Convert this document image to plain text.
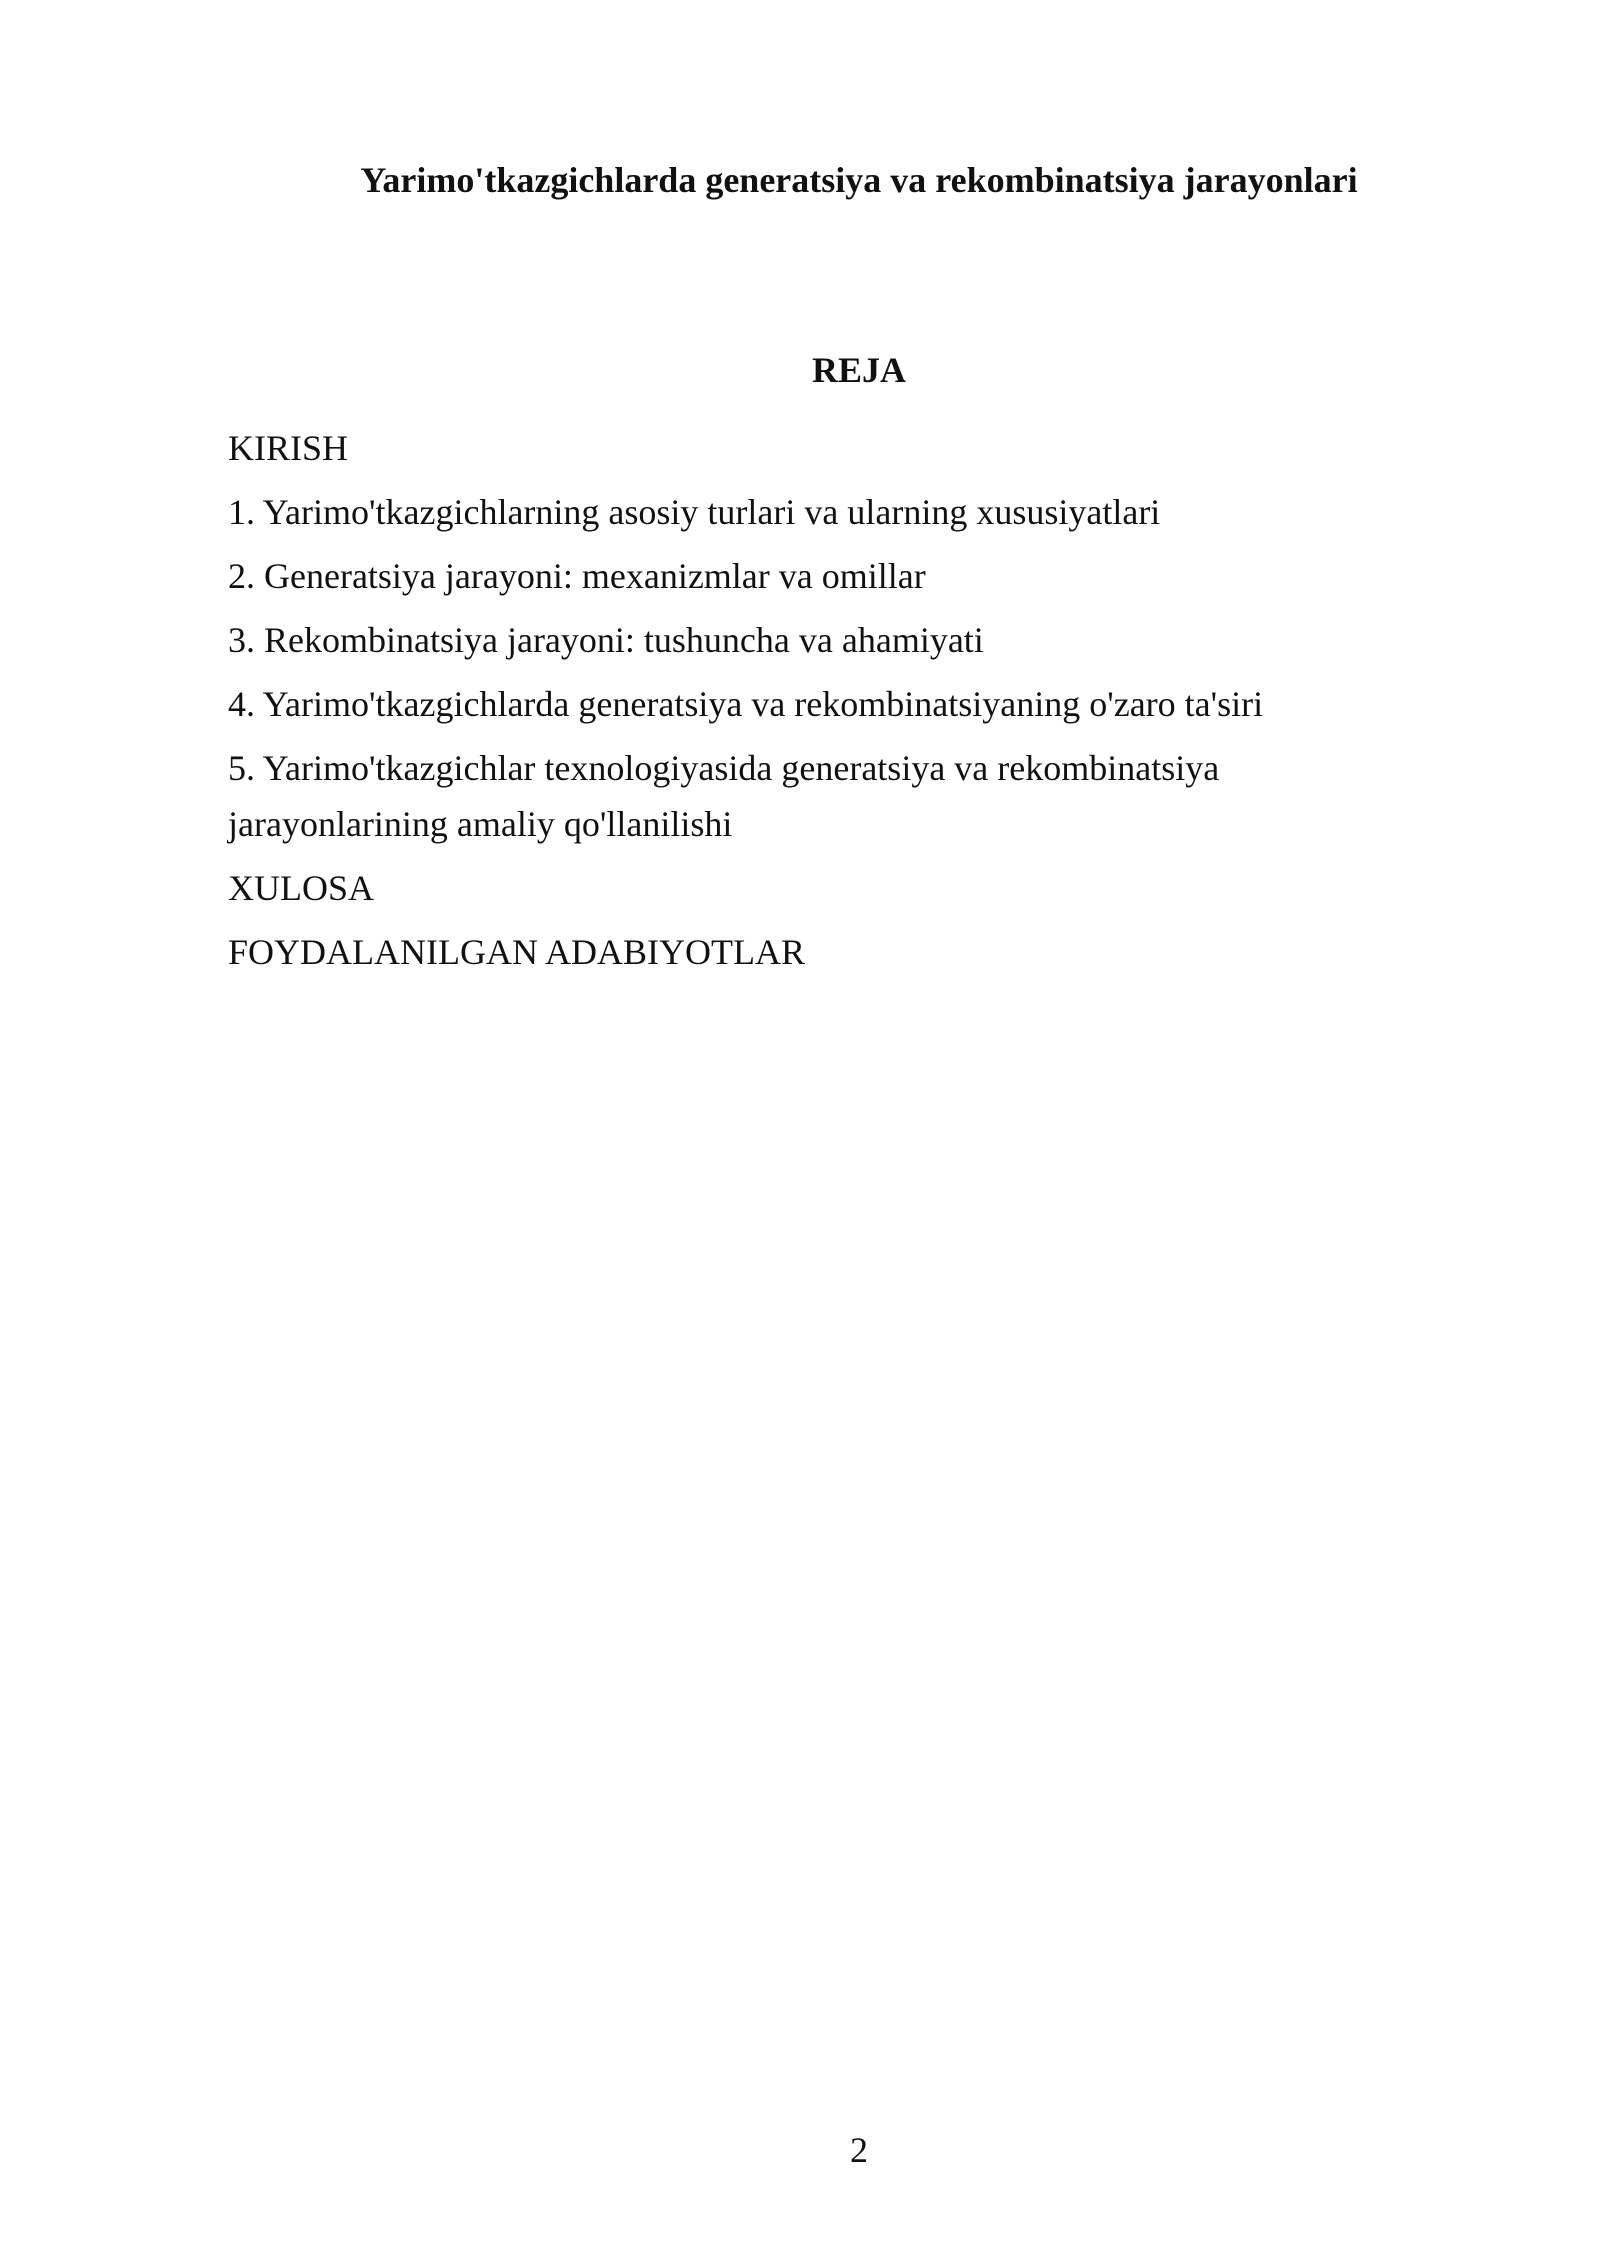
Yarimo'tkazgichlarda generatsiya va rekombinatsiya jarayonlari
REJA
KIRISH
1. Yarimo'tkazgichlarning asosiy turlari va ularning xususiyatlari
2. Generatsiya jarayoni: mexanizmlar va omillar
3. Rekombinatsiya jarayoni: tushuncha va ahamiyati
4. Yarimo'tkazgichlarda generatsiya va rekombinatsiyaning o'zaro ta'siri
5. Yarimo'tkazgichlar texnologiyasida generatsiya va rekombinatsiya jarayonlarining amaliy qo'llanilishi
XULOSA
FOYDALANILGAN ADABIYOTLAR
2
